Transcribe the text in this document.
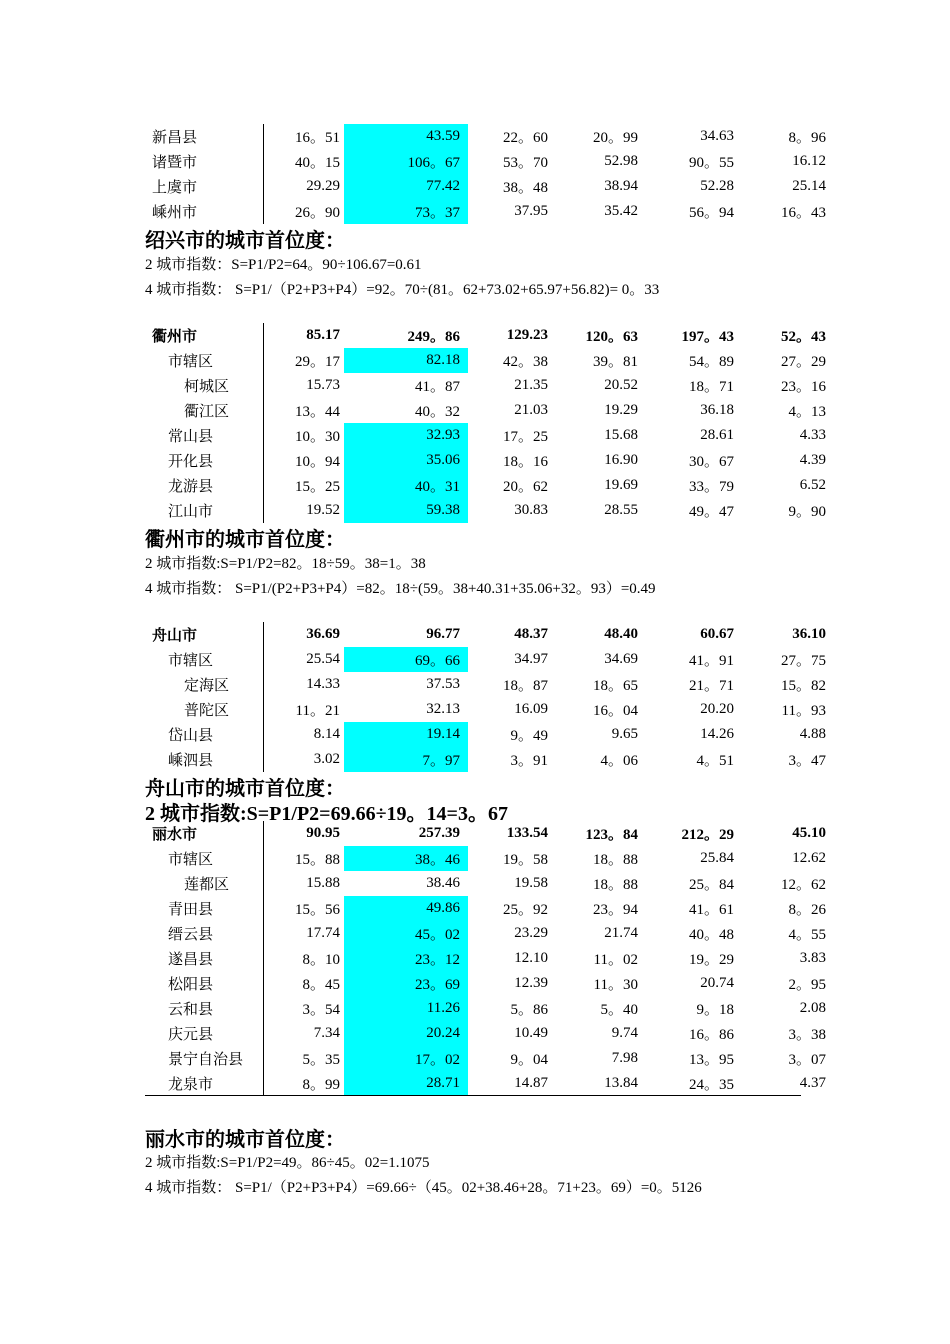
新昌县	16。51	43.59	22。60	20。99	34.63	8。96
诸暨市	40。15	106。67	53。70	52.98	90。55	16.12
上虞市	29.29	77.42	38。48	38.94	52.28	25.14
嵊州市	26。90	73。37	37.95	35.42	56。94	16。43
绍兴市的城市首位度：
2 城市指数：S=P1/P2=64。90÷106.67=0.61
4 城市指数： S=P1/（P2+P3+P4）=92。70÷(81。62+73.02+65.97+56.82)= 0。33
衢州市	85.17	249。86	129.23	120。63	197。43	52。43
市辖区	29。17	82.18	42。38	39。81	54。89	27。29
柯城区	15.73	41。87	21.35	20.52	18。71	23。16
衢江区	13。44	40。32	21.03	19.29	36.18	4。13
常山县	10。30	32.93	17。25	15.68	28.61	4.33
开化县	10。94	35.06	18。16	16.90	30。67	4.39
龙游县	15。25	40。31	20。62	19.69	33。79	6.52
江山市	19.52	59.38	30.83	28.55	49。47	9。90
衢州市的城市首位度：
2 城市指数:S=P1/P2=82。18÷59。38=1。38
4 城市指数： S=P1/(P2+P3+P4）=82。18÷(59。38+40.31+35.06+32。93）=0.49
舟山市	36.69	96.77	48.37	48.40	60.67	36.10
市辖区	25.54	69。66	34.97	34.69	41。91	27。75
定海区	14.33	37.53	18。87	18。65	21。71	15。82
普陀区	11。21	32.13	16.09	16。04	20.20	11。93
岱山县	8.14	19.14	9。49	9.65	14.26	4.88
嵊泗县	3.02	7。97	3。91	4。06	4。51	3。47
舟山市的城市首位度：
2 城市指数:S=P1/P2=69.66÷19。14=3。67
丽水市	90.95	257.39	133.54	123。84	212。29	45.10
市辖区	15。88	38。46	19。58	18。88	25.84	12.62
莲都区	15.88	38.46	19.58	18。88	25。84	12。62
青田县	15。56	49.86	25。92	23。94	41。61	8。26
缙云县	17.74	45。02	23.29	21.74	40。48	4。55
遂昌县	8。10	23。12	12.10	11。02	19。29	3.83
松阳县	8。45	23。69	12.39	11。30	20.74	2。95
云和县	3。54	11.26	5。86	5。40	9。18	2.08
庆元县	7.34	20.24	10.49	9.74	16。86	3。38
景宁自治县	5。35	17。02	9。04	7.98	13。95	3。07
龙泉市	8。99	28.71	14.87	13.84	24。35	4.37
丽水市的城市首位度：
2 城市指数:S=P1/P2=49。86÷45。02=1.1075
4 城市指数： S=P1/（P2+P3+P4）=69.66÷（45。02+38.46+28。71+23。69）=0。5126
